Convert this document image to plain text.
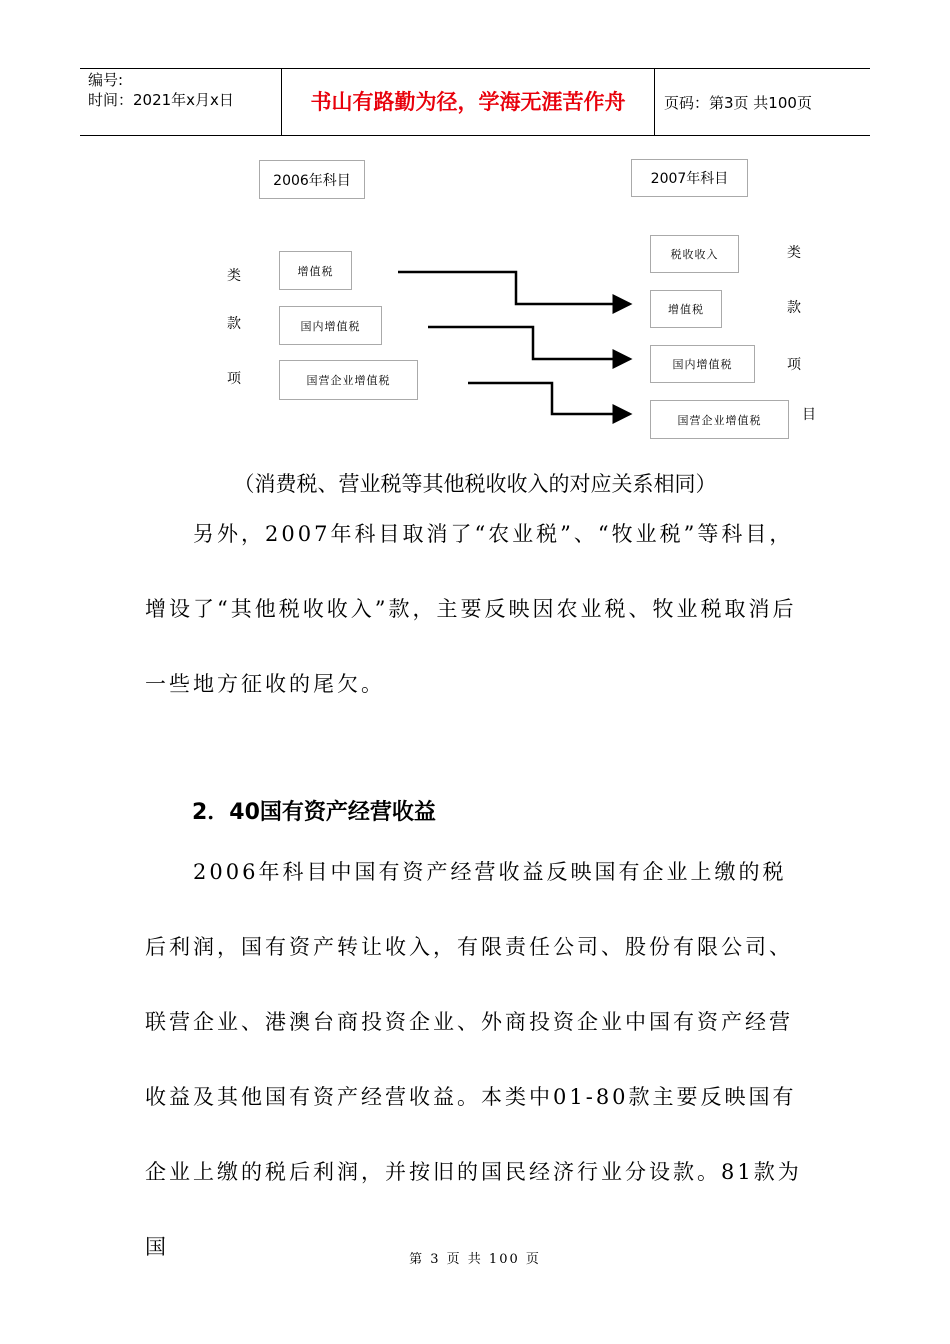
编号:
时间：2021年x月x日	书山有路勤为径，学海无涯苦作舟	页码：第3页 共100页
2006年科目	2007年科目
类
款
项
类
款
项
目
增值税
国内增值税
国营企业增值税
税收收入
增值税
国内增值税
国营企业增值税
（消费税、营业税等其他税收收入的对应关系相同）
　　另外，2007年科目取消了“农业税”、“牧业税”等科目，增设了“其他税收收入”款，主要反映因农业税、牧业税取消后一些地方征收的尾欠。
2．40国有资产经营收益
　　2006年科目中国有资产经营收益反映国有企业上缴的税后利润，国有资产转让收入，有限责任公司、股份有限公司、联营企业、港澳台商投资企业、外商投资企业中国有资产经营收益及其他国有资产经营收益。本类中01-80款主要反映国有企业上缴的税后利润，并按旧的国民经济行业分设款。81款为国
第 3 页 共 100 页
